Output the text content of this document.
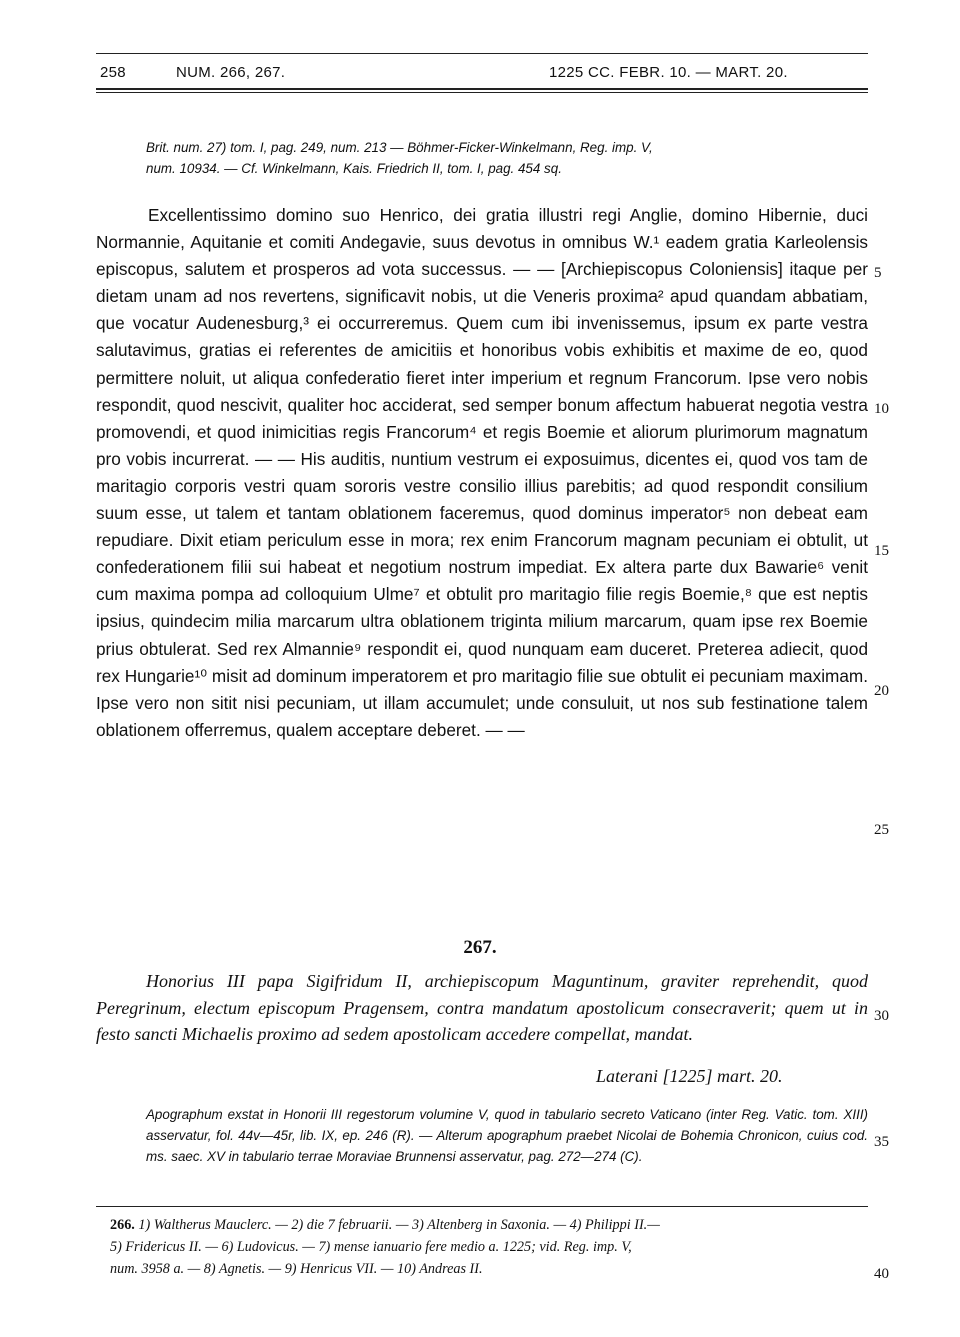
258	NUM. 266, 267.	1225 CC. FEBR. 10. — MART. 20.
Brit. num. 27) tom. I, pag. 249, num. 213 — Böhmer-Ficker-Winkelmann, Reg. imp. V,
num. 10934. — Cf. Winkelmann, Kais. Friedrich II, tom. I, pag. 454 sq.

Excellentissimo domino suo Henrico, dei gratia illustri regi Anglie, domino Hibernie, duci Normannie, Aquitanie et comiti Andegavie, suus devotus in omnibus W.¹ eadem gratia Karleolensis episcopus, salutem et prosperos ad vota successus. — — [Archiepiscopus Coloniensis] itaque per dietam unam ad nos revertens, significavit nobis, ut die Veneris proxima² apud quandam abbatiam, que vocatur Audenesburg,³ ei occurreremus. Quem cum ibi invenissemus, ipsum ex parte vestra salutavimus, gratias ei referentes de amicitiis et honoribus vobis exhibitis et maxime de eo, quod permittere noluit, ut aliqua confederatio fieret inter imperium et regnum Francorum. Ipse vero nobis respondit, quod nescivit, qualiter hoc acciderat, sed semper bonum affectum habuerat negotia vestra promovendi, et quod inimicitias regis Francorum⁴ et regis Boemie et aliorum plurimorum magnatum pro vobis incurrerat. — — His auditis, nuntium vestrum ei exposuimus, dicentes ei, quod vos tam de maritagio corporis vestri quam sororis vestre consilio illius parebitis; ad quod respondit consilium suum esse, ut talem et tantam oblationem faceremus, quod dominus imperator⁵ non debeat eam repudiare. Dixit etiam periculum esse in mora; rex enim Francorum magnam pecuniam ei obtulit, ut confederationem filii sui habeat et negotium nostrum impediat. Ex altera parte dux Bawarie⁶ venit cum maxima pompa ad colloquium Ulme⁷ et obtulit pro maritagio filie regis Boemie,⁸ que est neptis ipsius, quindecim milia marcarum ultra oblationem triginta milium marcarum, quam ipse rex Boemie prius obtulerat. Sed rex Almannie⁹ respondit ei, quod nunquam eam duceret. Preterea adiecit, quod rex Hungarie¹⁰ misit ad dominum imperatorem et pro maritagio filie sue obtulit ei pecuniam maximam. Ipse vero non sitit nisi pecuniam, ut illam accumulet; unde consuluit, ut nos sub festinatione talem oblationem offerremus, qualem acceptare deberet. — —

5
10
15
20
25
30
35
40
267.

Honorius III papa Sigifridum II, archiepiscopum Maguntinum, graviter reprehendit, quod Peregrinum, electum episcopum Pragensem, contra mandatum apostolicum consecraverit; quem ut in festo sancti Michaelis proximo ad sedem apostolicam accedere compellat, mandat.

Laterani [1225] mart. 20.
Apographum exstat in Honorii III regestorum volumine V, quod in tabulario secreto Vaticano (inter Reg. Vatic. tom. XIII) asservatur, fol. 44v—45r, lib. IX, ep. 246 (R). — Alterum apographum praebet Nicolai de Bohemia Chronicon, cuius cod. ms. saec. XV in tabulario terrae Moraviae Brunnensi asservatur, pag. 272—274 (C).
266. 1) Waltherus Mauclerc. — 2) die 7 februarii. — 3) Altenberg in Saxonia. — 4) Philippi II.—
5) Fridericus II. — 6) Ludovicus. — 7) mense ianuario fere medio a. 1225; vid. Reg. imp. V,
num. 3958 a. — 8) Agnetis. — 9) Henricus VII. — 10) Andreas II.
